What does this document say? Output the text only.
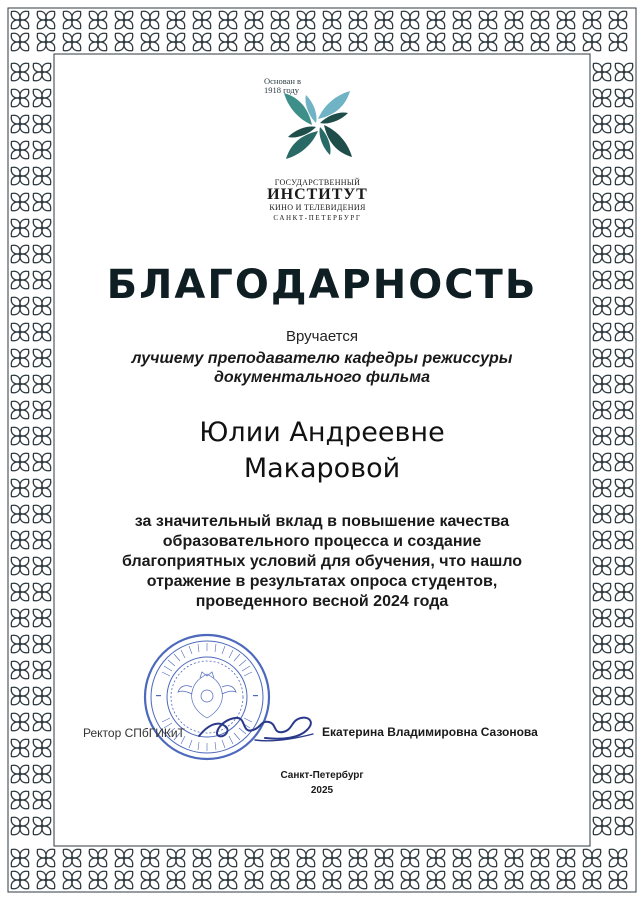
Основан в 1918 году
ГОСУДАРСТВЕННЫЙ
ИНСТИТУТ
КИНО И ТЕЛЕВИДЕНИЯ
САНКТ-ПЕТЕРБУРГ
БЛАГОДАРНОСТЬ
Вручается
лучшему преподавателю кафедры режиссуры
документального фильма
Юлии Андреевне
Макаровой
за значительный вклад в повышение качества
образовательного процесса и создание
благоприятных условий для обучения, что нашло
отражение в результатах опроса студентов,
проведенного весной 2024 года
Ректор СПбГИКиТ	Екатерина Владимировна Сазонова
Санкт-Петербург
2025
